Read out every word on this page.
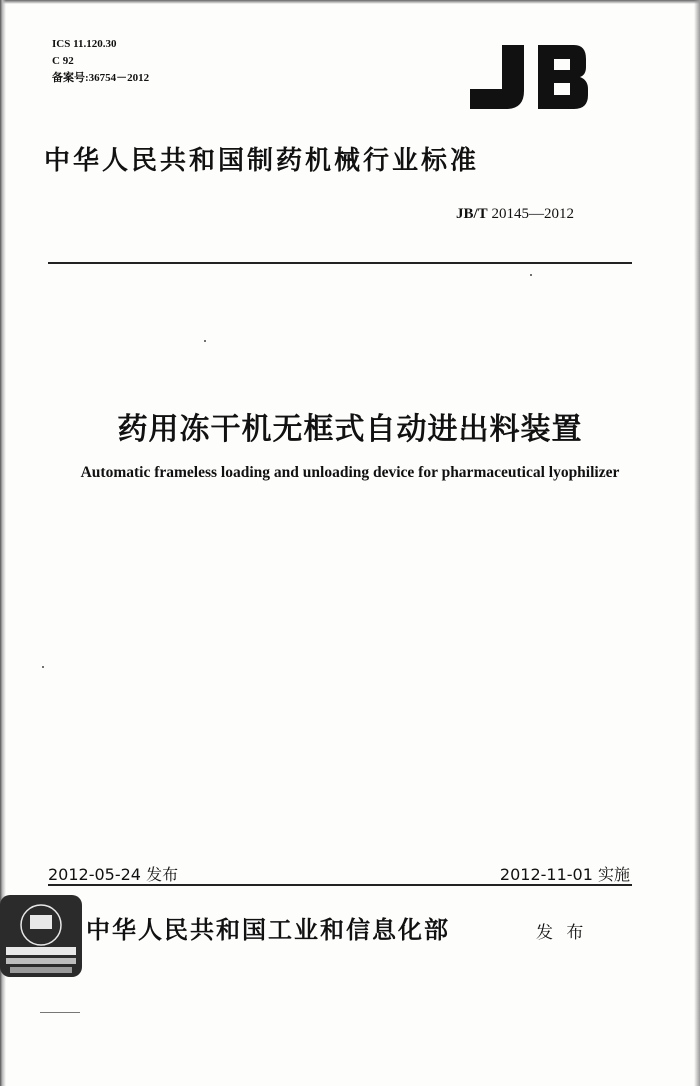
ICS 11.120.30
C 92
备案号:36754－2012
中华人民共和国制药机械行业标准
JB/T 20145—2012
药用冻干机无框式自动进出料装置
Automatic frameless loading and unloading device for pharmaceutical lyophilizer
2012-05-24 发布	2012-11-01 实施
中华人民共和国工业和信息化部	发 布
